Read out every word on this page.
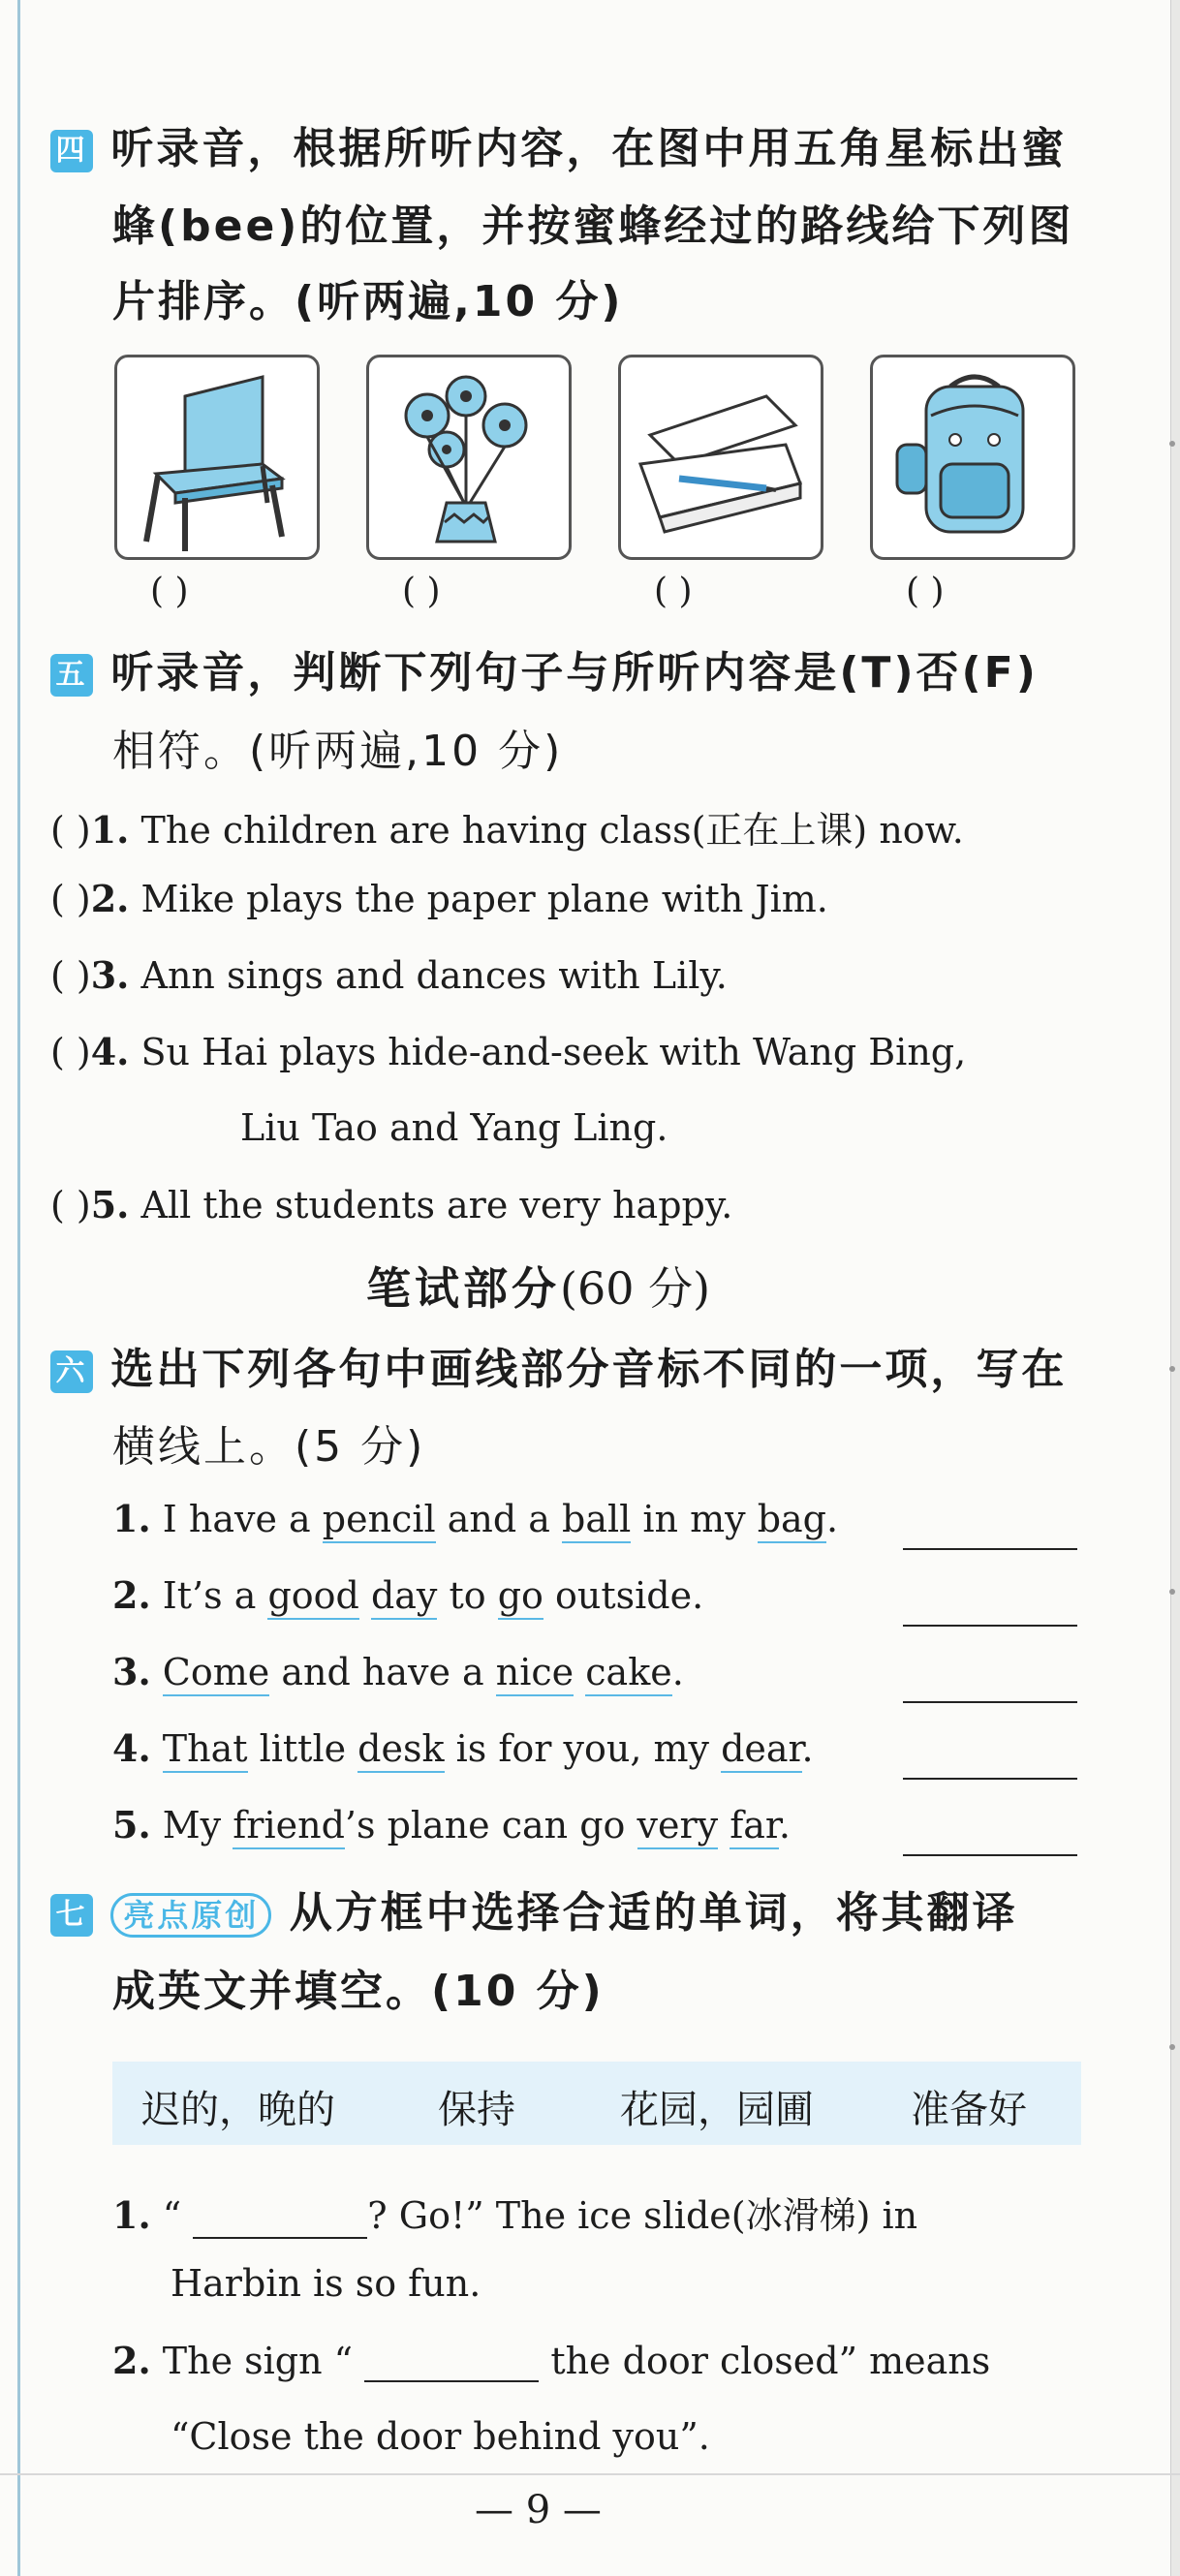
四 听录音，根据所听内容，在图中用五角星标出蜜
蜂(bee)的位置，并按蜜蜂经过的路线给下列图
片排序。(听两遍,10 分)
( )	( )	( )	( )
五 听录音，判断下列句子与所听内容是(T)否(F)
相符。(听两遍,10 分)
( )1. The children are having class(正在上课) now.
( )2. Mike plays the paper plane with Jim.
( )3. Ann sings and dances with Lily.
( )4. Su Hai plays hide-and-seek with Wang Bing,
Liu Tao and Yang Ling.
( )5. All the students are very happy.
笔试部分(60 分)
六 选出下列各句中画线部分音标不同的一项，写在
横线上。(5 分)
1. I have a pencil and a ball in my bag.
2. It’s a good day to go outside.
3. Come and have a nice cake.
4. That little desk is for you, my dear.
5. My friend’s plane can go very far.
七 亮点原创 从方框中选择合适的单词，将其翻译
成英文并填空。(10 分)
迟的，晚的	保持	花园，园圃	准备好
1. “	? Go!” The ice slide(冰滑梯) in
Harbin is so fun.
2. The sign “	the door closed” means
“Close the door behind you”.
— 9 —
